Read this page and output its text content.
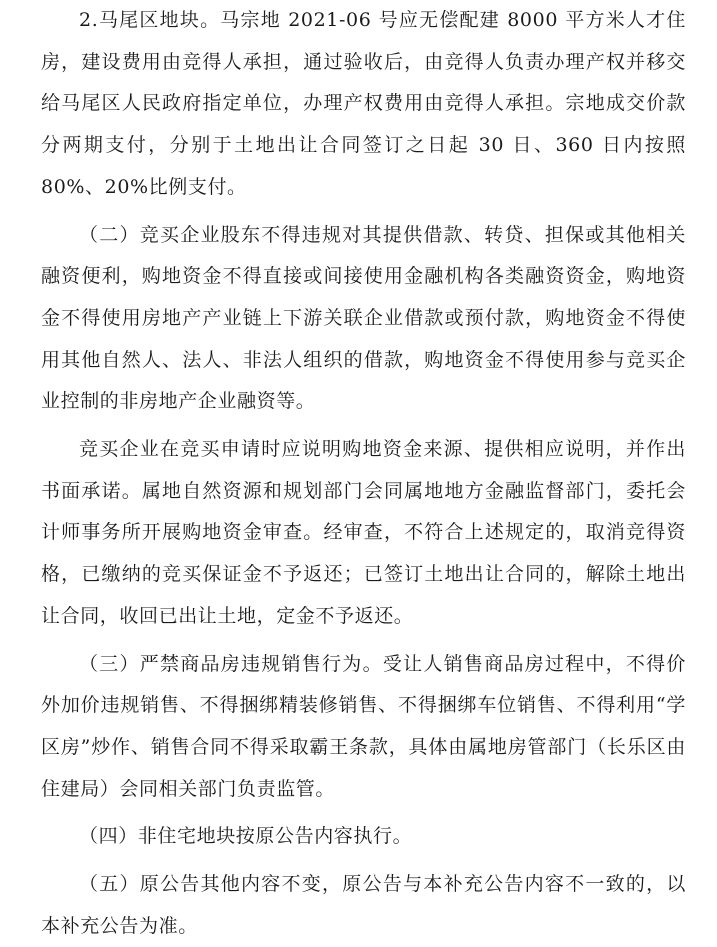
2.马尾区地块。马宗地 2021-06 号应无偿配建 8000 平方米人才住房，建设费用由竞得人承担，通过验收后，由竞得人负责办理产权并移交给马尾区人民政府指定单位，办理产权费用由竞得人承担。宗地成交价款分两期支付，分别于土地出让合同签订之日起 30 日、360 日内按照 80%、20%比例支付。

（二）竞买企业股东不得违规对其提供借款、转贷、担保或其他相关融资便利，购地资金不得直接或间接使用金融机构各类融资资金，购地资金不得使用房地产产业链上下游关联企业借款或预付款，购地资金不得使用其他自然人、法人、非法人组织的借款，购地资金不得使用参与竞买企业控制的非房地产企业融资等。

竞买企业在竞买申请时应说明购地资金来源、提供相应说明，并作出书面承诺。属地自然资源和规划部门会同属地地方金融监督部门，委托会计师事务所开展购地资金审查。经审查，不符合上述规定的，取消竞得资格，已缴纳的竞买保证金不予返还；已签订土地出让合同的，解除土地出让合同，收回已出让土地，定金不予返还。

（三）严禁商品房违规销售行为。受让人销售商品房过程中，不得价外加价违规销售、不得捆绑精装修销售、不得捆绑车位销售、不得利用“学区房”炒作、销售合同不得采取霸王条款，具体由属地房管部门（长乐区由住建局）会同相关部门负责监管。

（四）非住宅地块按原公告内容执行。

（五）原公告其他内容不变，原公告与本补充公告内容不一致的，以本补充公告为准。
